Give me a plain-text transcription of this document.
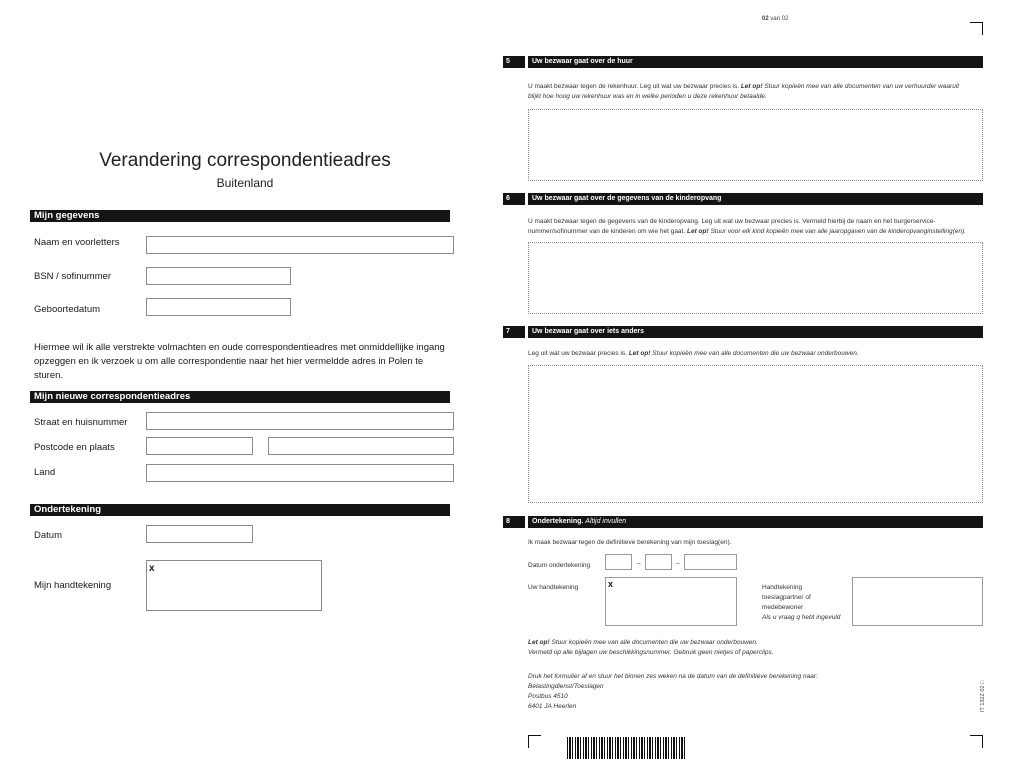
Verandering correspondentieadres
Buitenland
Mijn gegevens
Naam en voorletters
BSN / sofinummer
Geboortedatum
Hiermee wil ik alle verstrekte volmachten en oude correspondentieadres met onmiddellijke ingang
opzeggen en ik verzoek u om alle correspondentie naar het hier vermeldde adres in Polen te sturen.
Mijn nieuwe correspondentieadres
Straat en huisnummer
Postcode en plaats
Land
Ondertekening
Datum
Mijn handtekening
x
02 van 02
5	Uw bezwaar gaat over de huur
U maakt bezwaar tegen de rekenhuur. Leg uit wat uw bezwaar precies is. Let op! Stuur kopieën mee van alle documenten van uw verhuurder waaruit
blijkt hoe hoog uw rekenhuur was en in welke perioden u deze rekenhuur betaalde.
6	Uw bezwaar gaat over de gegevens van de kinderopvang
U maakt bezwaar tegen de gegevens van de kinderopvang. Leg uit wat uw bezwaar precies is. Vermeld hierbij de naam en het burgerservice-
nummer/sofinummer van de kinderen om wie het gaat. Let op! Stuur voor elk kind kopieën mee van alle jaaropgaven van de kinderopvanginstelling(en).
7	Uw bezwaar gaat over iets anders
Leg uit wat uw bezwaar precies is. Let op! Stuur kopieën mee van alle documenten die uw bezwaar onderbouwen.
8	Ondertekening. Altijd invullen
Ik maak bezwaar tegen de definitieve berekening van mijn toeslag(en).
Datum ondertekening	–	–
Uw handtekening	x	Handtekening
toeslagpartner of
medebewoner
Als u vraag q hebt ingevuld
Let op! Stuur kopieën mee van alle documenten die uw bezwaar onderbouwen.
Vermeld op alle bijlagen uw beschikkingsnummer. Gebruik geen nietjes of paperclips.
Druk het formulier af en stuur het binnen zes weken na de datum van de definitieve berekening naar:
Belastingdienst/Toeslagen
Postbus 4510
6401 JA Heerlen	IT 132Z 02 □
